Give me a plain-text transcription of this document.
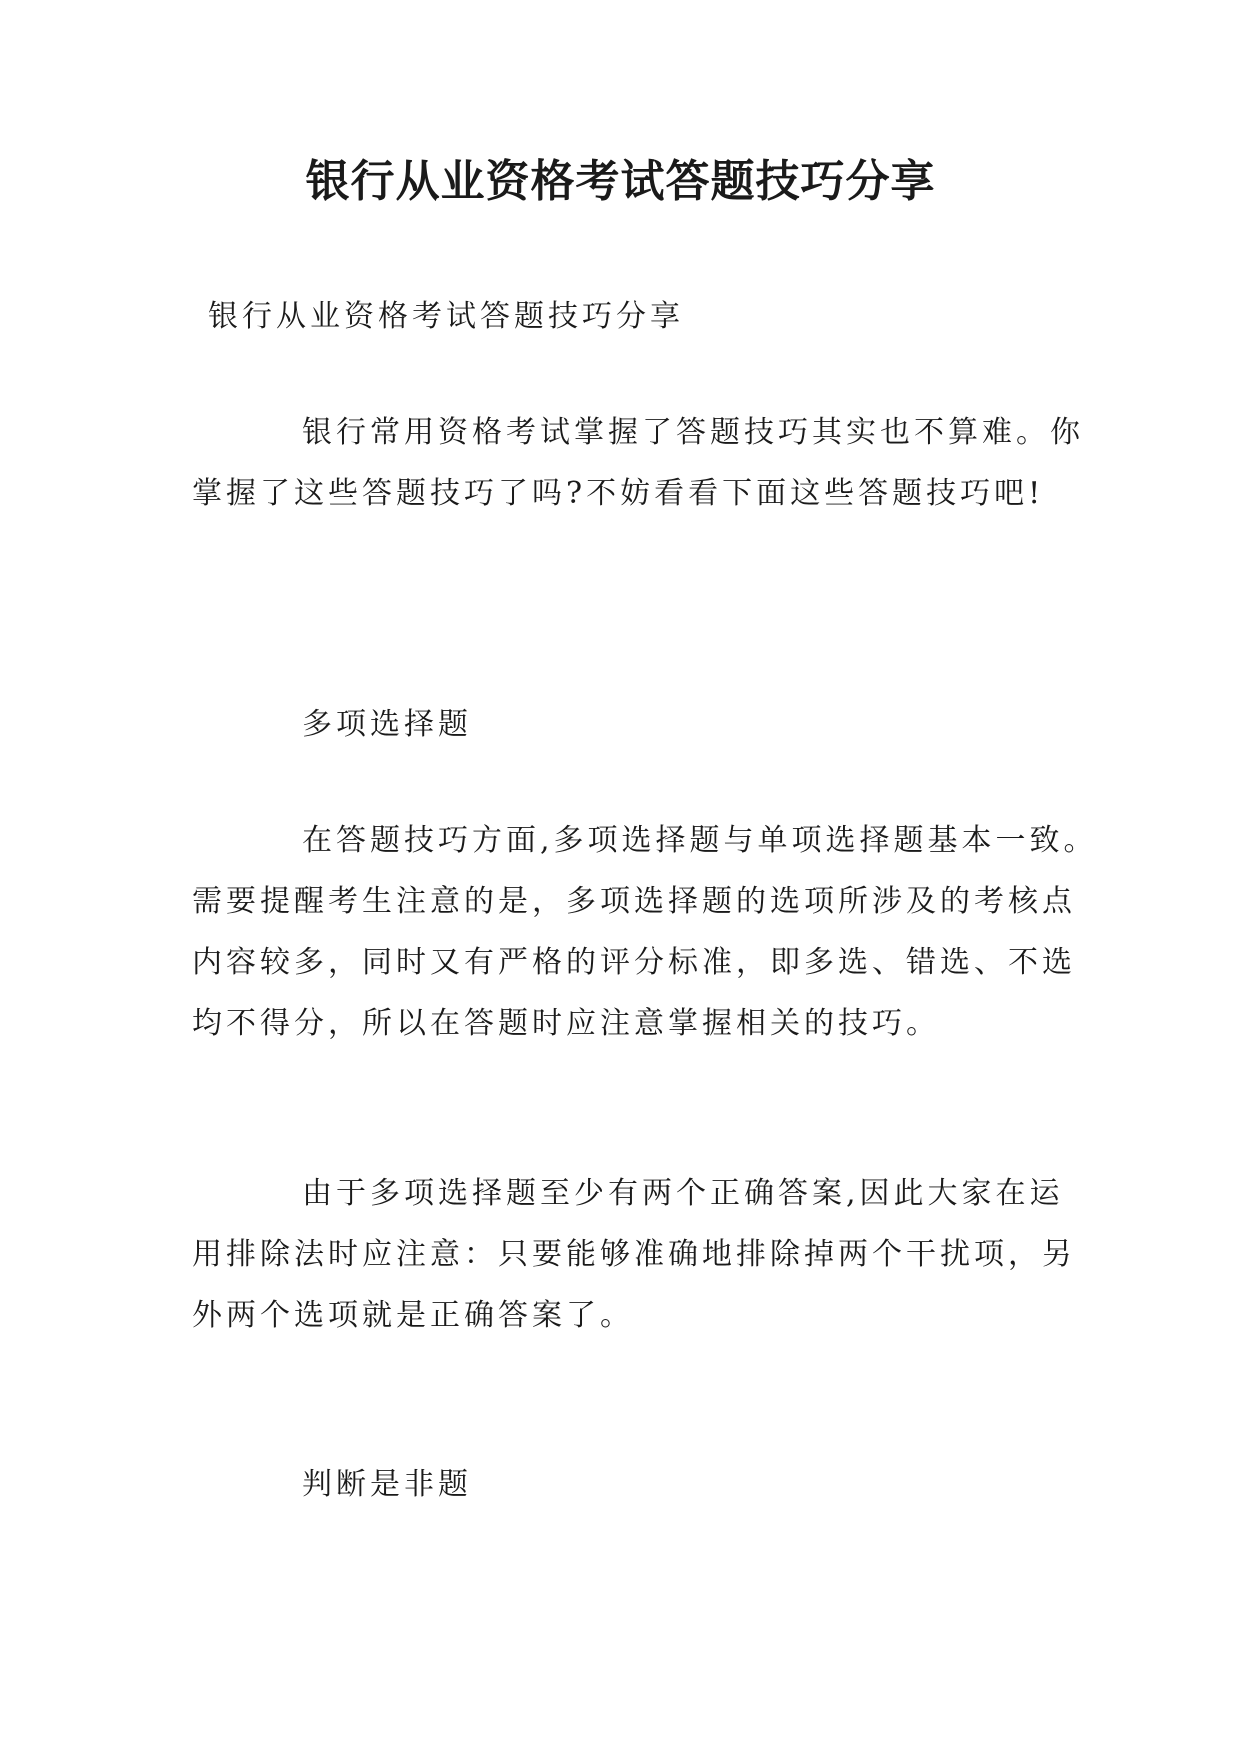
银行从业资格考试答题技巧分享

银行从业资格考试答题技巧分享

银行常用资格考试掌握了答题技巧其实也不算难。你
掌握了这些答题技巧了吗?不妨看看下面这些答题技巧吧!

多项选择题

在答题技巧方面,多项选择题与单项选择题基本一致。
需要提醒考生注意的是，多项选择题的选项所涉及的考核点
内容较多，同时又有严格的评分标准，即多选、错选、不选
均不得分，所以在答题时应注意掌握相关的技巧。

由于多项选择题至少有两个正确答案,因此大家在运
用排除法时应注意：只要能够准确地排除掉两个干扰项，另
外两个选项就是正确答案了。

判断是非题
